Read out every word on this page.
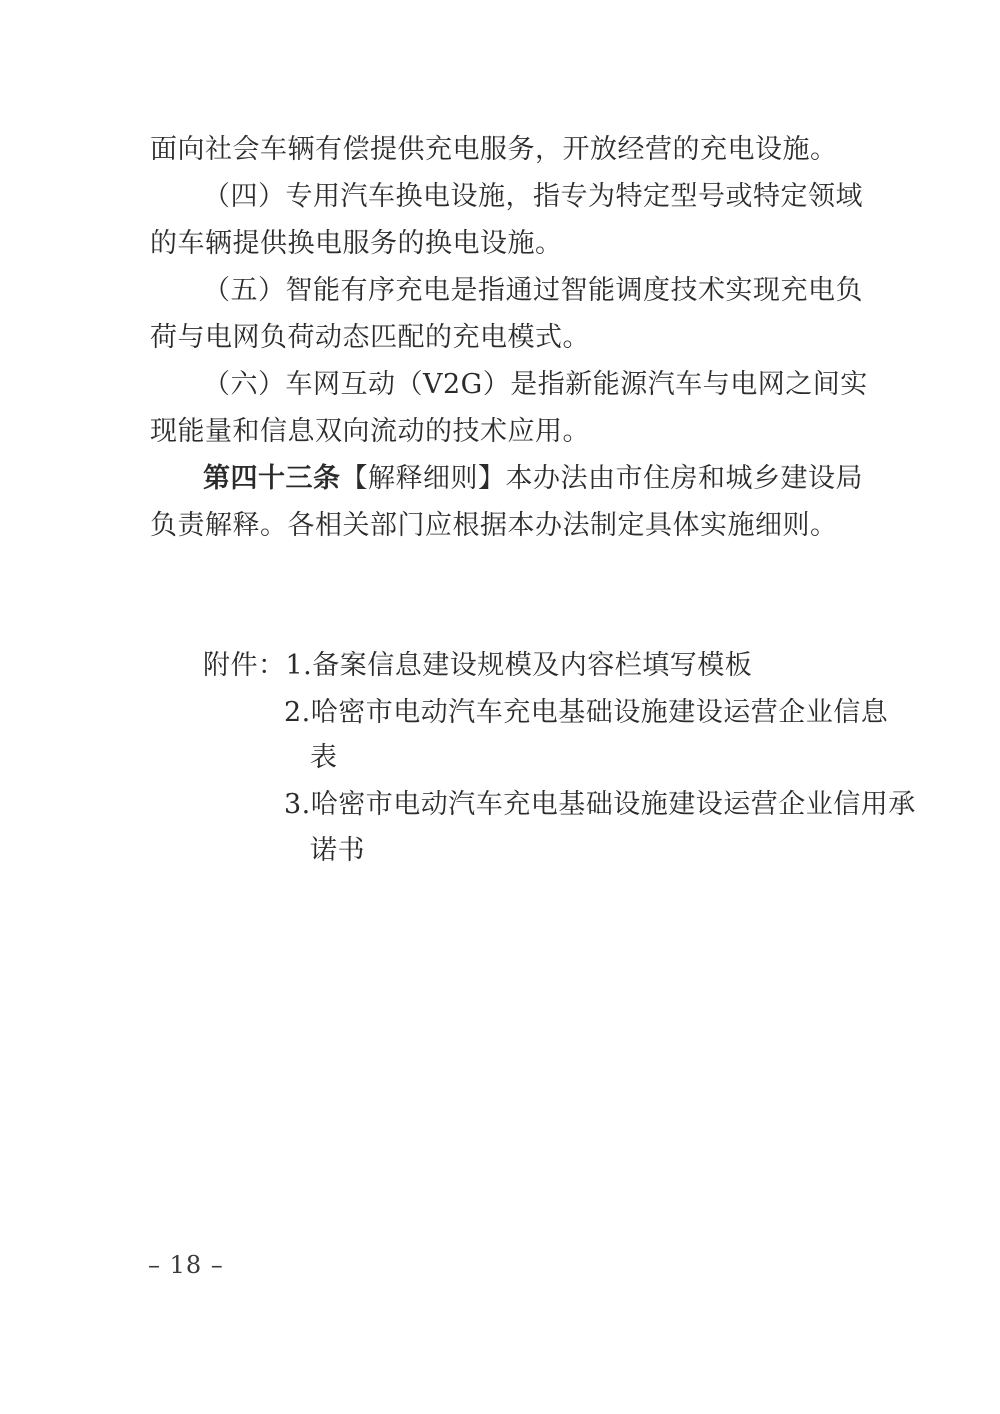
面向社会车辆有偿提供充电服务，开放经营的充电设施。
（四）专用汽车换电设施，指专为特定型号或特定领域
的车辆提供换电服务的换电设施。
（五）智能有序充电是指通过智能调度技术实现充电负
荷与电网负荷动态匹配的充电模式。
（六）车网互动（V2G）是指新能源汽车与电网之间实
现能量和信息双向流动的技术应用。
第四十三条【解释细则】本办法由市住房和城乡建设局
负责解释。各相关部门应根据本办法制定具体实施细则。
附件：1.备案信息建设规模及内容栏填写模板
2.哈密市电动汽车充电基础设施建设运营企业信息
表
3.哈密市电动汽车充电基础设施建设运营企业信用承
诺书
– 18 –
